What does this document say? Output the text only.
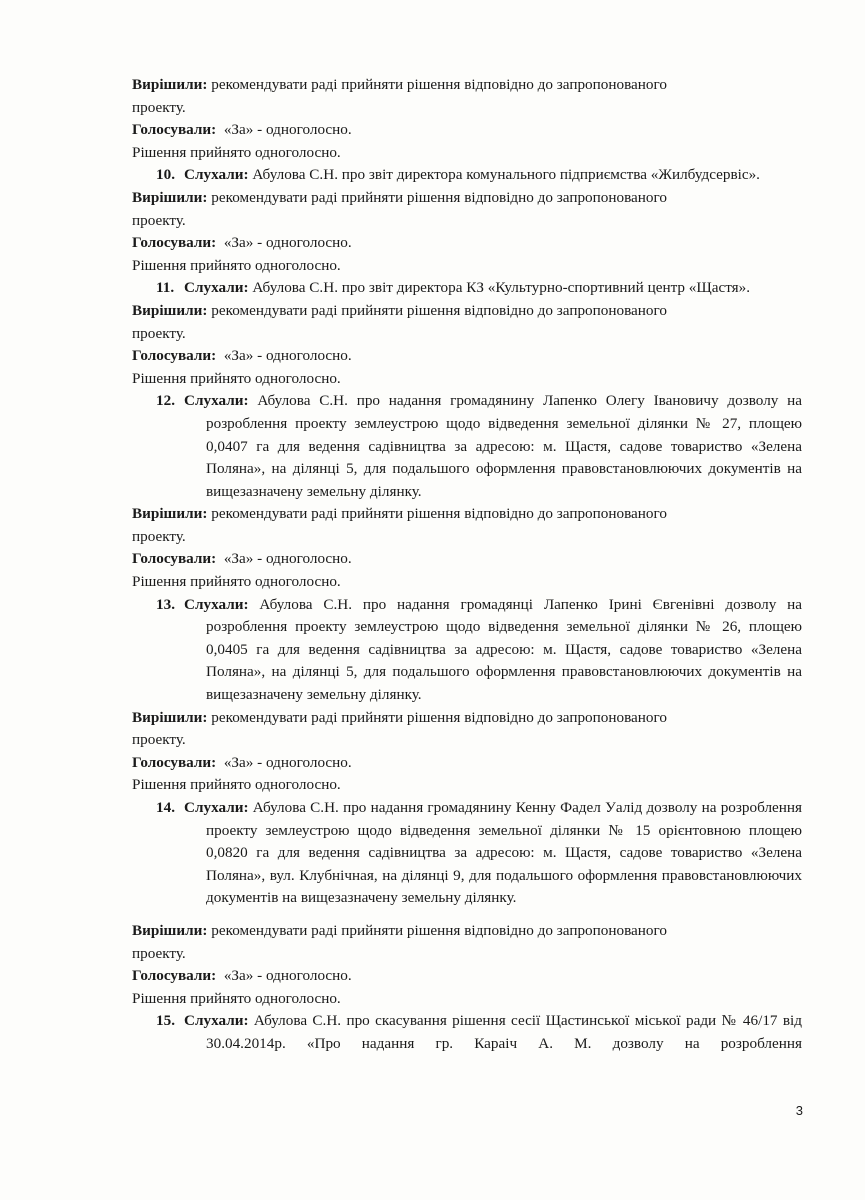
Вирішили: рекомендувати раді прийняти рішення відповідно до запропонованого

проекту.

Голосували: «За» - одноголосно.

Рішення прийнято одноголосно.

10. Слухали: Абулова С.Н. про звіт директора комунального підприємства «Жилбудсервіс».

Вирішили: рекомендувати раді прийняти рішення відповідно до запропонованого

проекту.

Голосували: «За» - одноголосно.

Рішення прийнято одноголосно.

11. Слухали: Абулова С.Н. про звіт директора КЗ «Культурно-спортивний центр «Щастя».

Вирішили: рекомендувати раді прийняти рішення відповідно до запропонованого

проекту.

Голосували: «За» - одноголосно.

Рішення прийнято одноголосно.

12. Слухали: Абулова С.Н. про надання громадянину Лапенко Олегу Івановичу дозволу на розроблення проекту землеустрою щодо відведення земельної ділянки № 27, площею 0,0407 га для ведення садівництва за адресою: м. Щастя, садове товариство «Зелена Поляна», на ділянці 5, для подальшого оформлення правовстановлюючих документів на вищезазначену земельну ділянку.

Вирішили: рекомендувати раді прийняти рішення відповідно до запропонованого

проекту.

Голосували: «За» - одноголосно.

Рішення прийнято одноголосно.

13. Слухали: Абулова С.Н. про надання громадянці Лапенко Ірині Євгенівні дозволу на розроблення проекту землеустрою щодо відведення земельної ділянки № 26, площею 0,0405 га для ведення садівництва за адресою: м. Щастя, садове товариство «Зелена Поляна», на ділянці 5, для подальшого оформлення правовстановлюючих документів на вищезазначену земельну ділянку.

Вирішили: рекомендувати раді прийняти рішення відповідно до запропонованого

проекту.

Голосували: «За» - одноголосно.

Рішення прийнято одноголосно.

14. Слухали: Абулова С.Н. про надання громадянину Кенну Фадел Уалід дозволу на розроблення проекту землеустрою щодо відведення земельної ділянки № 15 орієнтовною площею 0,0820 га для ведення садівництва за адресою: м. Щастя, садове товариство «Зелена Поляна», вул. Клубнічная, на ділянці 9, для подальшого оформлення правовстановлюючих документів на вищезазначену земельну ділянку.

Вирішили: рекомендувати раді прийняти рішення відповідно до запропонованого

проекту.

Голосували: «За» - одноголосно.

Рішення прийнято одноголосно.

15. Слухали: Абулова С.Н. про скасування рішення сесії Щастинської міської ради № 46/17 від 30.04.2014р. «Про надання гр. Караіч А. М. дозволу на розроблення
3
